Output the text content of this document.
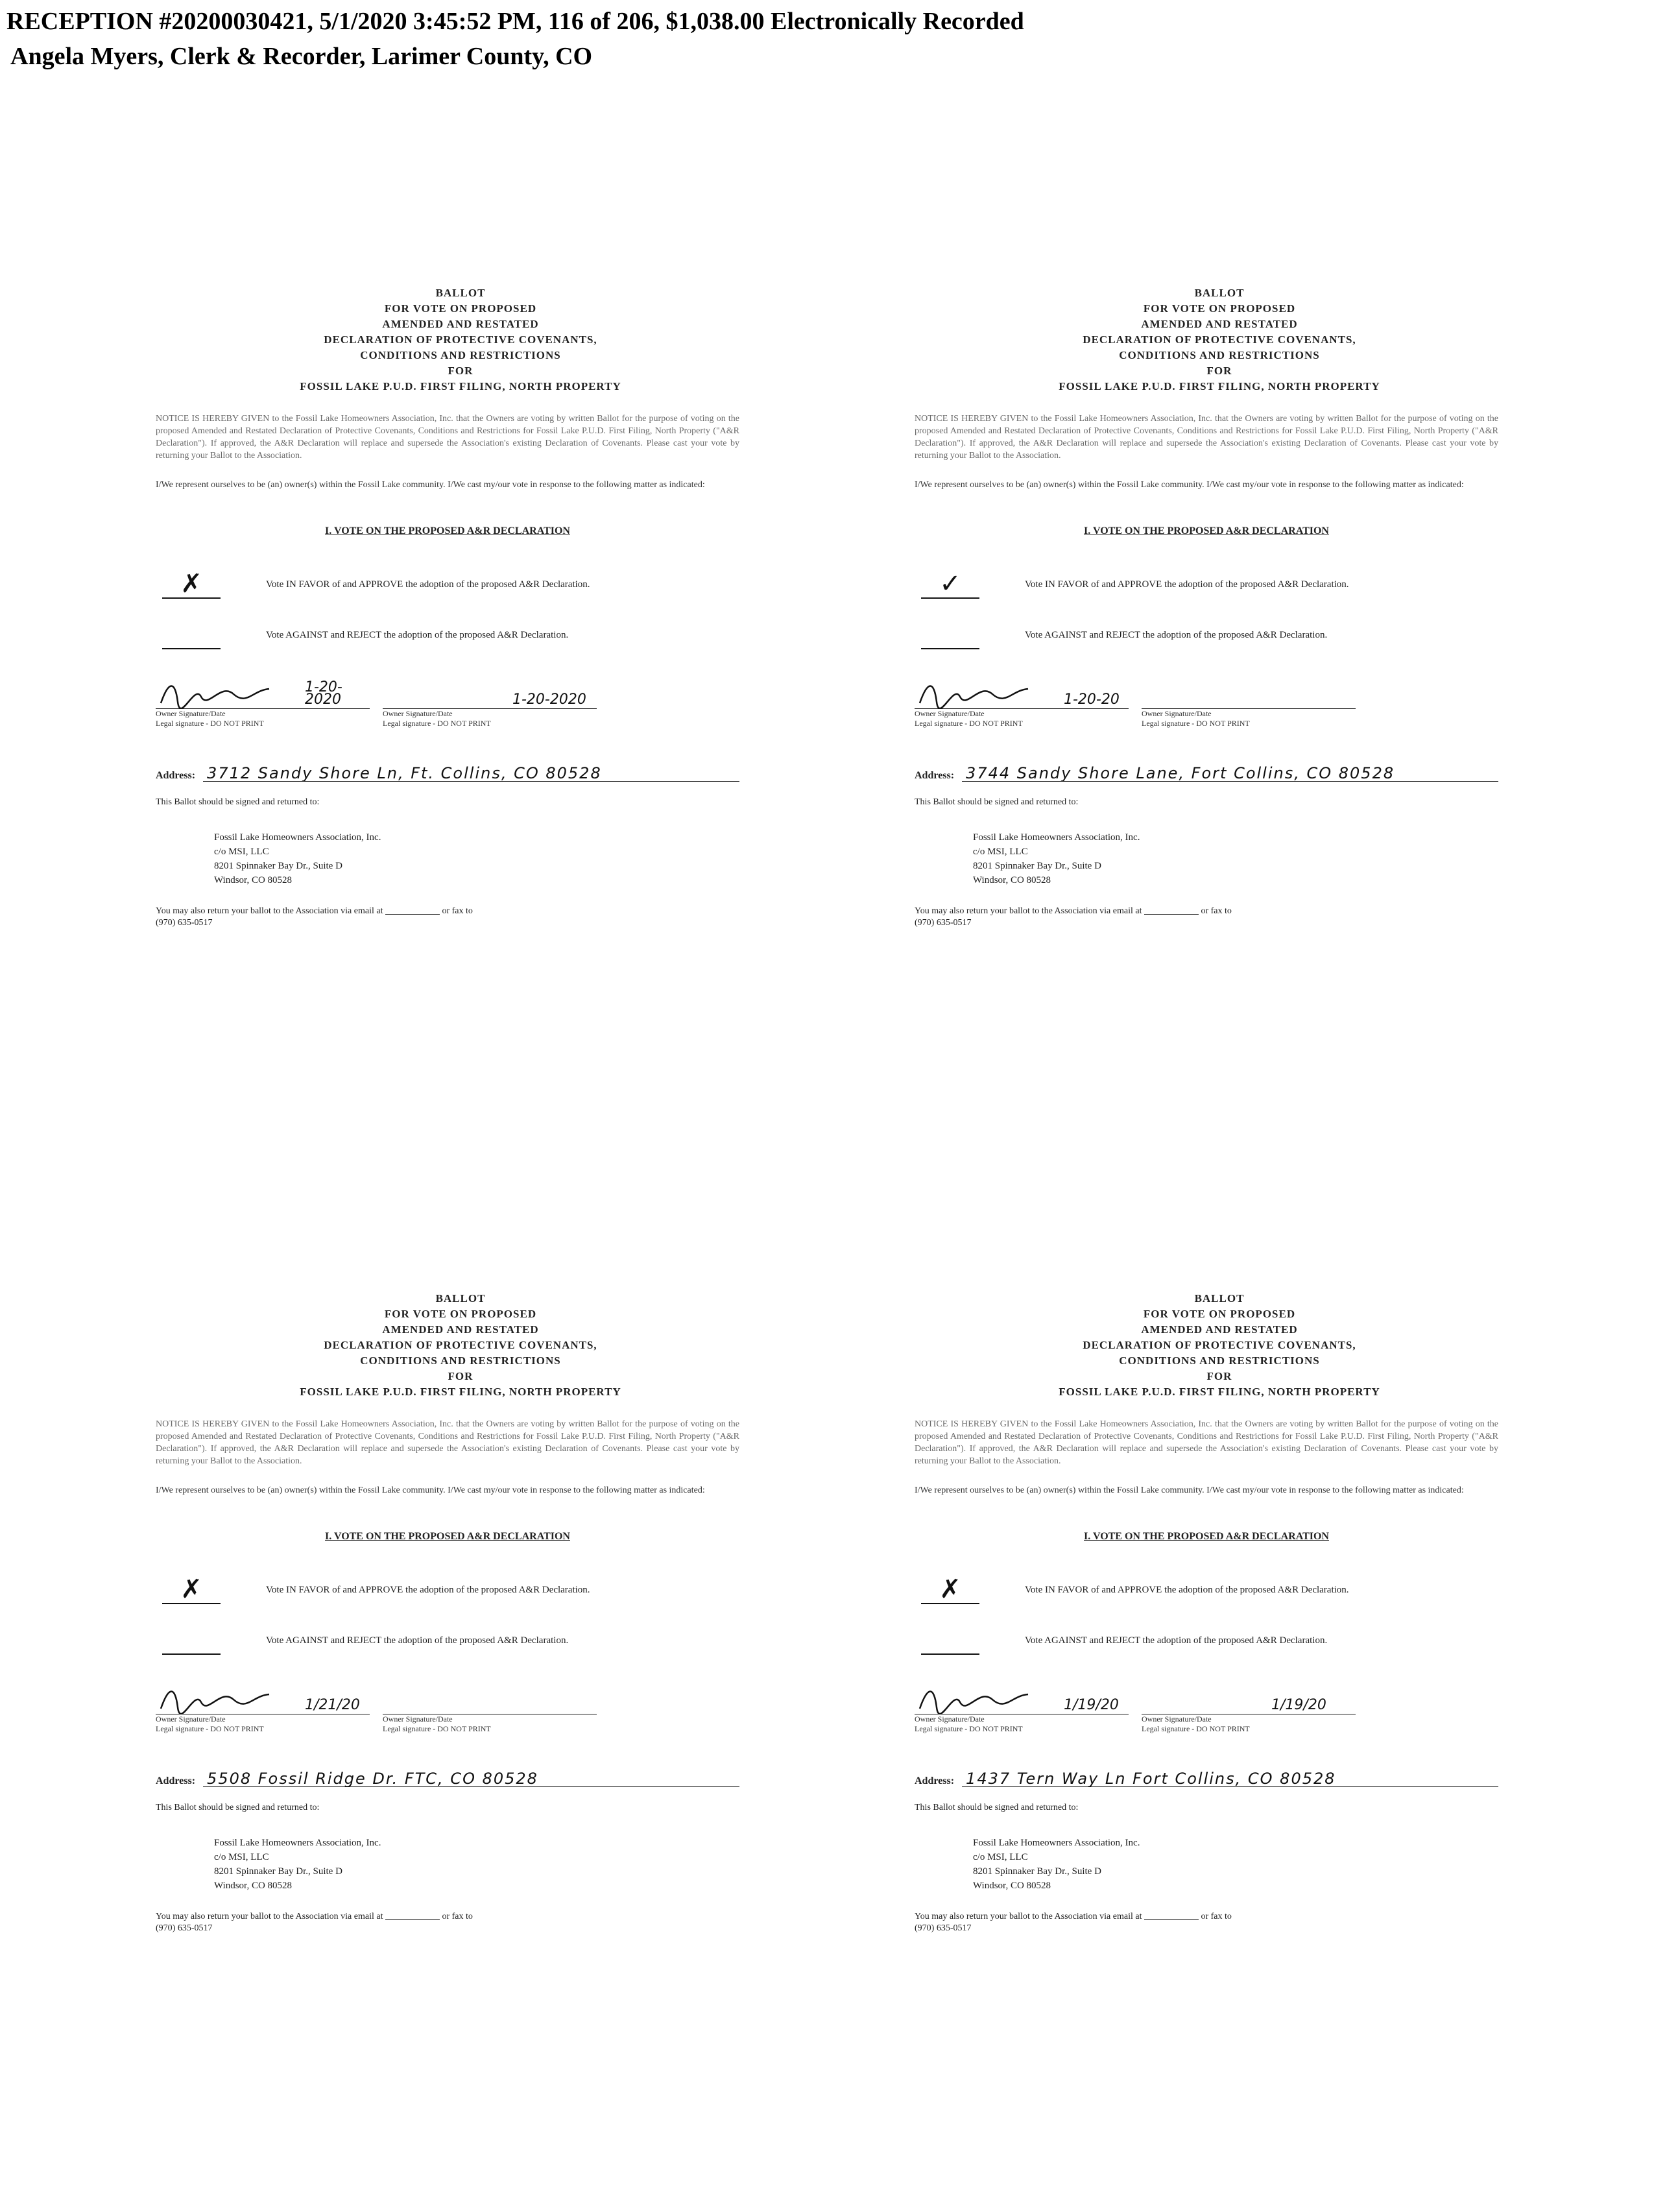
RECEPTION #20200030421, 5/1/2020 3:45:52 PM, 116 of 206, $1,038.00 Electronically Recorded
Angela Myers, Clerk & Recorder, Larimer County, CO
BALLOT
FOR VOTE ON PROPOSED
AMENDED AND RESTATED
DECLARATION OF PROTECTIVE COVENANTS,
CONDITIONS AND RESTRICTIONS
FOR
FOSSIL LAKE P.U.D. FIRST FILING, NORTH PROPERTY
NOTICE IS HEREBY GIVEN to the Fossil Lake Homeowners Association, Inc. that the Owners are voting by written Ballot for the purpose of voting on the proposed Amended and Restated Declaration of Protective Covenants, Conditions and Restrictions for Fossil Lake P.U.D. First Filing, North Property ("A&R Declaration"). If approved, the A&R Declaration will replace and supersede the Association's existing Declaration of Covenants. Please cast your vote by returning your Ballot to the Association.
I/We represent ourselves to be (an) owner(s) within the Fossil Lake community. I/We cast my/our vote in response to the following matter as indicated:
I. VOTE ON THE PROPOSED A&R DECLARATION
✗	Vote IN FAVOR of and APPROVE the adoption of the proposed A&R Declaration.
Vote AGAINST and REJECT the adoption of the proposed A&R Declaration.
1-20-2020
Owner Signature/Date
Legal signature - DO NOT PRINT
1-20-2020
Owner Signature/Date
Legal signature - DO NOT PRINT
Address: 3712 Sandy Shore Ln, Ft. Collins, CO 80528
This Ballot should be signed and returned to:
Fossil Lake Homeowners Association, Inc.
c/o MSI, LLC
8201 Spinnaker Bay Dr., Suite D
Windsor, CO 80528
You may also return your ballot to the Association via email at	or fax to
(970) 635-0517
BALLOT
FOR VOTE ON PROPOSED
AMENDED AND RESTATED
DECLARATION OF PROTECTIVE COVENANTS,
CONDITIONS AND RESTRICTIONS
FOR
FOSSIL LAKE P.U.D. FIRST FILING, NORTH PROPERTY
NOTICE IS HEREBY GIVEN to the Fossil Lake Homeowners Association, Inc. that the Owners are voting by written Ballot for the purpose of voting on the proposed Amended and Restated Declaration of Protective Covenants, Conditions and Restrictions for Fossil Lake P.U.D. First Filing, North Property ("A&R Declaration"). If approved, the A&R Declaration will replace and supersede the Association's existing Declaration of Covenants. Please cast your vote by returning your Ballot to the Association.
I/We represent ourselves to be (an) owner(s) within the Fossil Lake community. I/We cast my/our vote in response to the following matter as indicated:
I. VOTE ON THE PROPOSED A&R DECLARATION
✓	Vote IN FAVOR of and APPROVE the adoption of the proposed A&R Declaration.
Vote AGAINST and REJECT the adoption of the proposed A&R Declaration.
1-20-20
Owner Signature/Date
Legal signature - DO NOT PRINT
Owner Signature/Date
Legal signature - DO NOT PRINT
Address: 3744 Sandy Shore Lane, Fort Collins, CO 80528
This Ballot should be signed and returned to:
Fossil Lake Homeowners Association, Inc.
c/o MSI, LLC
8201 Spinnaker Bay Dr., Suite D
Windsor, CO 80528
You may also return your ballot to the Association via email at	or fax to
(970) 635-0517
BALLOT
FOR VOTE ON PROPOSED
AMENDED AND RESTATED
DECLARATION OF PROTECTIVE COVENANTS,
CONDITIONS AND RESTRICTIONS
FOR
FOSSIL LAKE P.U.D. FIRST FILING, NORTH PROPERTY
NOTICE IS HEREBY GIVEN to the Fossil Lake Homeowners Association, Inc. that the Owners are voting by written Ballot for the purpose of voting on the proposed Amended and Restated Declaration of Protective Covenants, Conditions and Restrictions for Fossil Lake P.U.D. First Filing, North Property ("A&R Declaration"). If approved, the A&R Declaration will replace and supersede the Association's existing Declaration of Covenants. Please cast your vote by returning your Ballot to the Association.
I/We represent ourselves to be (an) owner(s) within the Fossil Lake community. I/We cast my/our vote in response to the following matter as indicated:
I. VOTE ON THE PROPOSED A&R DECLARATION
✗	Vote IN FAVOR of and APPROVE the adoption of the proposed A&R Declaration.
Vote AGAINST and REJECT the adoption of the proposed A&R Declaration.
1/21/20
Owner Signature/Date
Legal signature - DO NOT PRINT
Owner Signature/Date
Legal signature - DO NOT PRINT
Address: 5508 Fossil Ridge Dr. FTC, CO 80528
This Ballot should be signed and returned to:
Fossil Lake Homeowners Association, Inc.
c/o MSI, LLC
8201 Spinnaker Bay Dr., Suite D
Windsor, CO 80528
You may also return your ballot to the Association via email at	or fax to
(970) 635-0517
BALLOT
FOR VOTE ON PROPOSED
AMENDED AND RESTATED
DECLARATION OF PROTECTIVE COVENANTS,
CONDITIONS AND RESTRICTIONS
FOR
FOSSIL LAKE P.U.D. FIRST FILING, NORTH PROPERTY
NOTICE IS HEREBY GIVEN to the Fossil Lake Homeowners Association, Inc. that the Owners are voting by written Ballot for the purpose of voting on the proposed Amended and Restated Declaration of Protective Covenants, Conditions and Restrictions for Fossil Lake P.U.D. First Filing, North Property ("A&R Declaration"). If approved, the A&R Declaration will replace and supersede the Association's existing Declaration of Covenants. Please cast your vote by returning your Ballot to the Association.
I/We represent ourselves to be (an) owner(s) within the Fossil Lake community. I/We cast my/our vote in response to the following matter as indicated:
I. VOTE ON THE PROPOSED A&R DECLARATION
✗	Vote IN FAVOR of and APPROVE the adoption of the proposed A&R Declaration.
Vote AGAINST and REJECT the adoption of the proposed A&R Declaration.
1/19/20
Owner Signature/Date
Legal signature - DO NOT PRINT
1/19/20
Owner Signature/Date
Legal signature - DO NOT PRINT
Address: 1437 Tern Way Ln Fort Collins, CO 80528
This Ballot should be signed and returned to:
Fossil Lake Homeowners Association, Inc.
c/o MSI, LLC
8201 Spinnaker Bay Dr., Suite D
Windsor, CO 80528
You may also return your ballot to the Association via email at	or fax to
(970) 635-0517
